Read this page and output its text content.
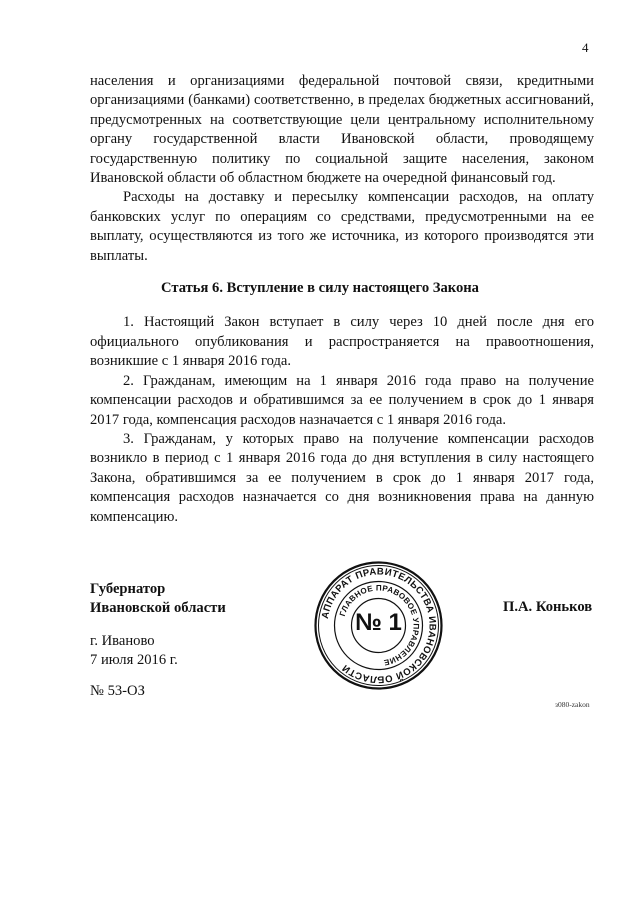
4

населения и организациями федеральной почтовой связи, кредитными организациями (банками) соответственно, в пределах бюджетных ассигнований, предусмотренных на соответствующие цели центральному исполнительному органу государственной власти Ивановской области, проводящему государственную политику по социальной защите населения, законом Ивановской области об областном бюджете на очередной финансовый год.

Расходы на доставку и пересылку компенсации расходов, на оплату банковских услуг по операциям со средствами, предусмотренными на ее выплату, осуществляются из того же источника, из которого производятся эти выплаты.

Статья 6. Вступление в силу настоящего Закона

1. Настоящий Закон вступает в силу через 10 дней после дня его официального опубликования и распространяется на правоотношения, возникшие с 1 января 2016 года.

2. Гражданам, имеющим на 1 января 2016 года право на получение компенсации расходов и обратившимся за ее получением в срок до 1 января 2017 года, компенсация расходов назначается с 1 января 2016 года.

3. Гражданам, у которых право на получение компенсации расходов возникло в период с 1 января 2016 года до дня вступления в силу настоящего Закона, обратившимся за ее получением в срок до 1 января 2017 года, компенсация расходов назначается со дня возникновения права на данную компенсацию.

Губернатор
Ивановской области	АППАРАТ ПРАВИТЕЛЬСТВА ИВАНОВСКОЙ ОБЛАСТИ
ГЛАВНОЕ ПРАВОВОЕ УПРАВЛЕНИЕ
№ 1
П.А. Коньков
г. Иваново
7 июля 2016 г.
№ 53-ОЗ
з080-zakon
